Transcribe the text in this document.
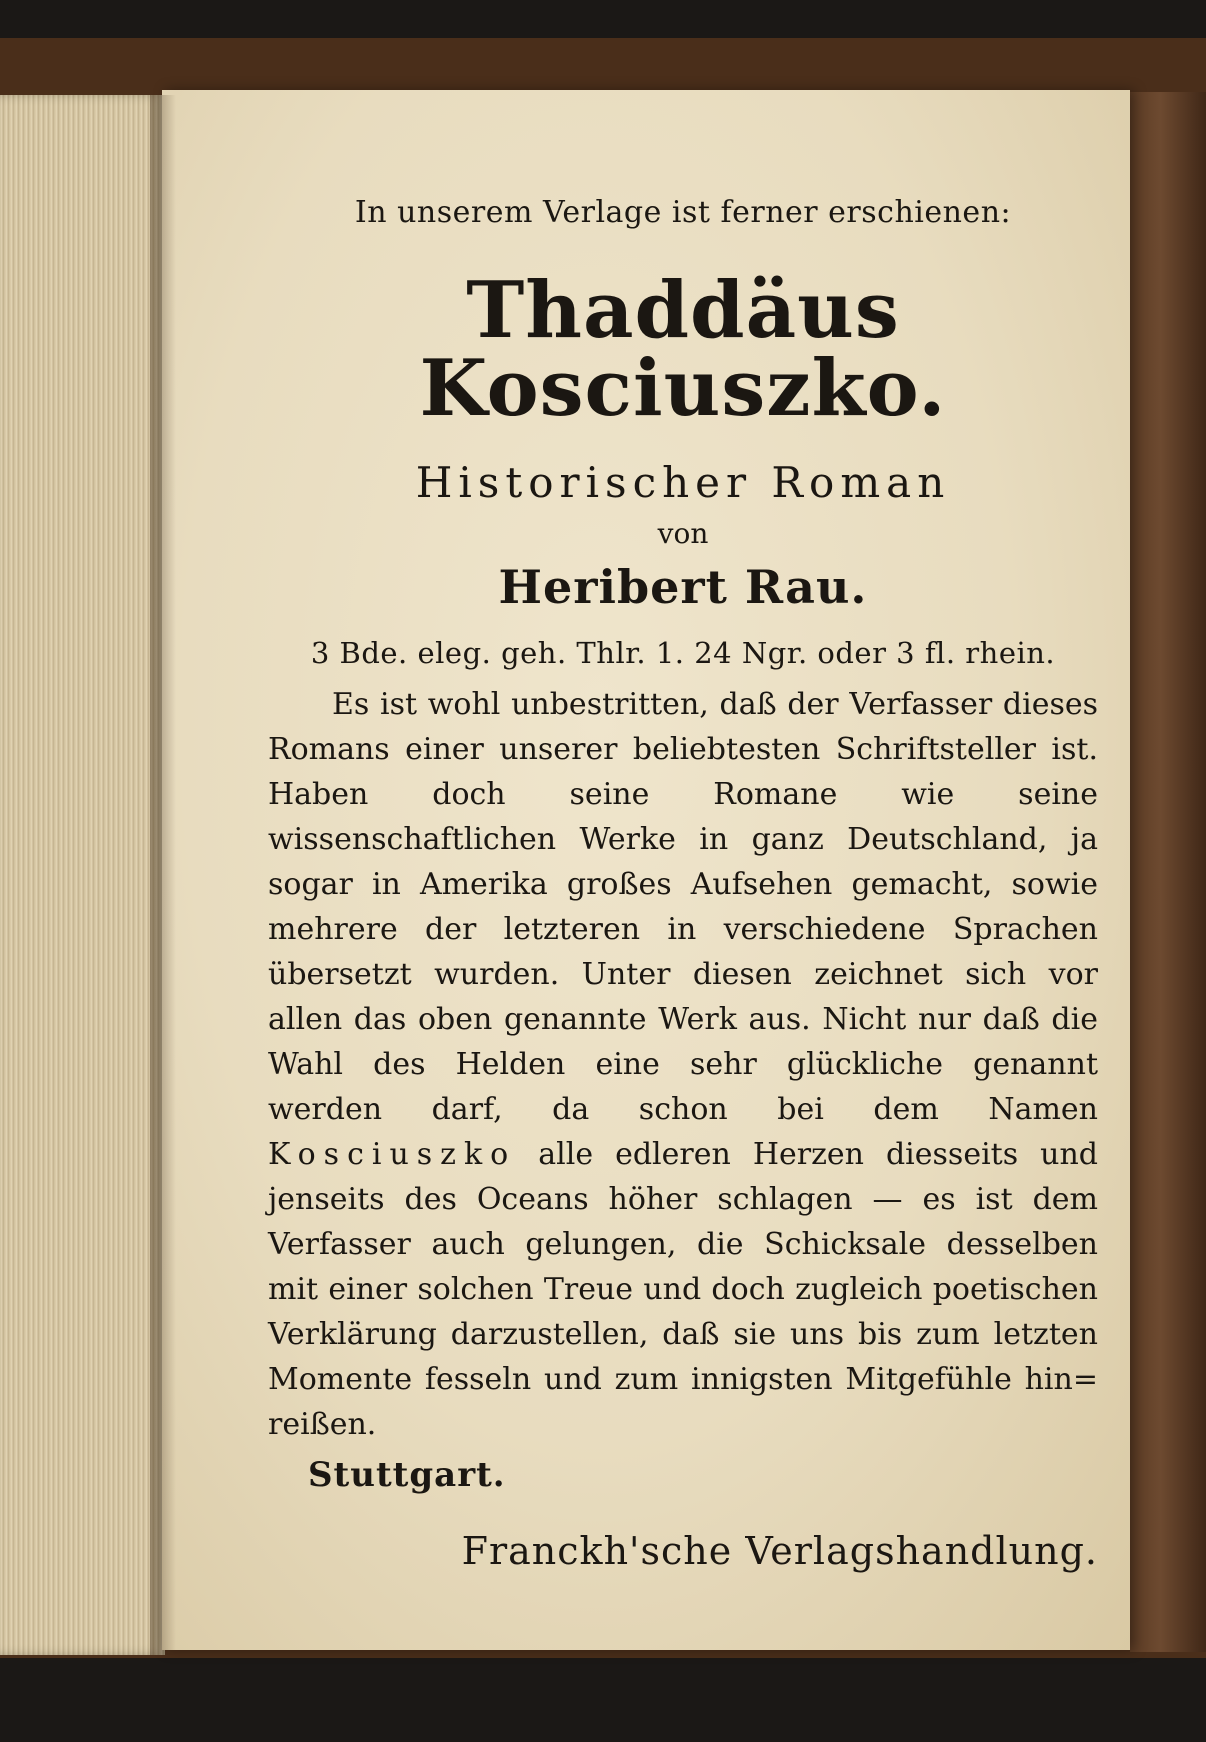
In unserem Verlage ist ferner erschienen:
Thaddäus Kosciuszko.
Historischer Roman
von
Heribert Rau.
3 Bde. eleg. geh. Thlr. 1. 24 Ngr. oder 3 fl. rhein.
Es ist wohl unbestritten, daß der Verfasser dieses Romans einer unserer beliebtesten Schriftsteller ist. Haben doch seine Romane wie seine wissenschaftlichen Werke in ganz Deutschland, ja sogar in Amerika großes Aufsehen gemacht, sowie mehrere der letzteren in verschiedene Sprachen übersetzt wurden. Unter diesen zeichnet sich vor allen das oben genannte Werk aus. Nicht nur daß die Wahl des Helden eine sehr glückliche genannt werden darf, da schon bei dem Namen Kosciuszko alle edleren Herzen diesseits und jenseits des Oceans höher schlagen — es ist dem Verfasser auch gelungen, die Schicksale desselben mit einer solchen Treue und doch zugleich poetischen Verklärung darzustellen, daß sie uns bis zum letzten Momente fesseln und zum innigsten Mitgefühle hin= reißen.
Stuttgart.
Franckh'sche Verlagshandlung.
